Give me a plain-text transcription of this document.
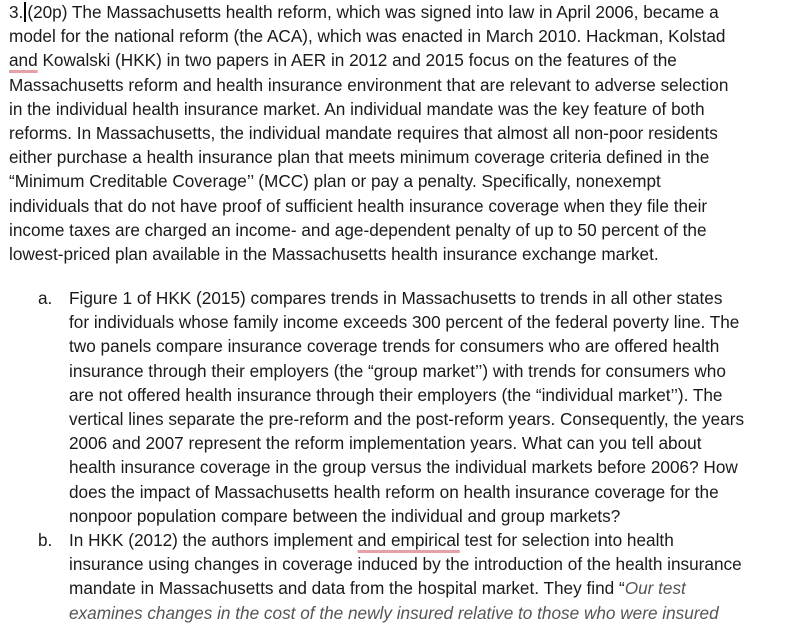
3. (20p) The Massachusetts health reform, which was signed into law in April 2006, became a
model for the national reform (the ACA), which was enacted in March 2010. Hackman, Kolstad
and Kowalski (HKK) in two papers in AER in 2012 and 2015 focus on the features of the
Massachusetts reform and health insurance environment that are relevant to adverse selection
in the individual health insurance market. An individual mandate was the key feature of both
reforms. In Massachusetts, the individual mandate requires that almost all non-poor residents
either purchase a health insurance plan that meets minimum coverage criteria defined in the
“Minimum Creditable Coverage’’ (MCC) plan or pay a penalty. Specifically, nonexempt
individuals that do not have proof of sufficient health insurance coverage when they file their
income taxes are charged an income- and age-dependent penalty of up to 50 percent of the
lowest-priced plan available in the Massachusetts health insurance exchange market.
a. Figure 1 of HKK (2015) compares trends in Massachusetts to trends in all other states
for individuals whose family income exceeds 300 percent of the federal poverty line. The
two panels compare insurance coverage trends for consumers who are offered health
insurance through their employers (the “group market’’) with trends for consumers who
are not offered health insurance through their employers (the “individual market’’). The
vertical lines separate the pre-reform and the post-reform years. Consequently, the years
2006 and 2007 represent the reform implementation years. What can you tell about
health insurance coverage in the group versus the individual markets before 2006? How
does the impact of Massachusetts health reform on health insurance coverage for the
nonpoor population compare between the individual and group markets?
b. In HKK (2012) the authors implement and empirical test for selection into health
insurance using changes in coverage induced by the introduction of the health insurance
mandate in Massachusetts and data from the hospital market. They find “Our test
examines changes in the cost of the newly insured relative to those who were insured
